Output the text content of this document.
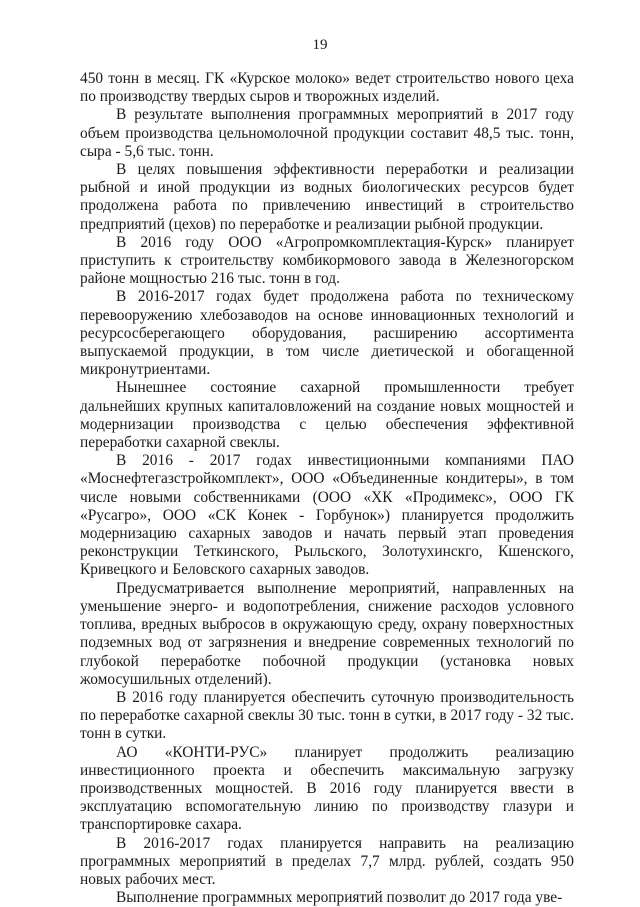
19

450 тонн в месяц. ГК «Курское молоко» ведет строительство нового цеха по производству твердых сыров и творожных изделий.

В результате выполнения программных мероприятий в 2017 году объем производства цельномолочной продукции составит 48,5 тыс. тонн, сыра - 5,6 тыс. тонн.

В целях повышения эффективности переработки и реализации рыбной и иной продукции из водных биологических ресурсов будет продолжена работа по привлечению инвестиций в строительство предприятий (цехов) по переработке и реализации рыбной продукции.

В 2016 году ООО «Агропромкомплектация-Курск» планирует приступить к строительству комбикормового завода в Железногорском районе мощностью 216 тыс. тонн в год.

В 2016-2017 годах будет продолжена работа по техническому перевооружению хлебозаводов на основе инновационных технологий и ресурсосберегающего оборудования, расширению ассортимента выпускаемой продукции, в том числе диетической и обогащенной микронутриентами.

Нынешнее состояние сахарной промышленности требует дальнейших крупных капиталовложений на создание новых мощностей и модернизации производства с целью обеспечения эффективной переработки сахарной свеклы.

В 2016 - 2017 годах инвестиционными компаниями ПАО «Моснефтегазстройкомплект», ООО «Объединенные кондитеры», в том числе новыми собственниками (ООО «ХК «Продимекс», ООО ГК «Русагро», ООО «СК Конек - Горбунок») планируется продолжить модернизацию сахарных заводов и начать первый этап проведения реконструкции Теткинского, Рыльского, Золотухинскго, Кшенского, Кривецкого и Беловского сахарных заводов.

Предусматривается выполнение мероприятий, направленных на уменьшение энерго- и водопотребления, снижение расходов условного топлива, вредных выбросов в окружающую среду, охрану поверхностных подземных вод от загрязнения и внедрение современных технологий по глубокой переработке побочной продукции (установка новых жомосушильных отделений).

В 2016 году планируется обеспечить суточную производительность по переработке сахарной свеклы 30 тыс. тонн в сутки, в 2017 году - 32 тыс. тонн в сутки.

АО «КОНТИ-РУС» планирует продолжить реализацию инвестиционного проекта и обеспечить максимальную загрузку производственных мощностей. В 2016 году планируется ввести в эксплуатацию вспомогательную линию по производству глазури и транспортировке сахара.

В 2016-2017 годах планируется направить на реализацию программных мероприятий в пределах 7,7 млрд. рублей, создать 950 новых рабочих мест.

Выполнение программных мероприятий позволит до 2017 года уве-
